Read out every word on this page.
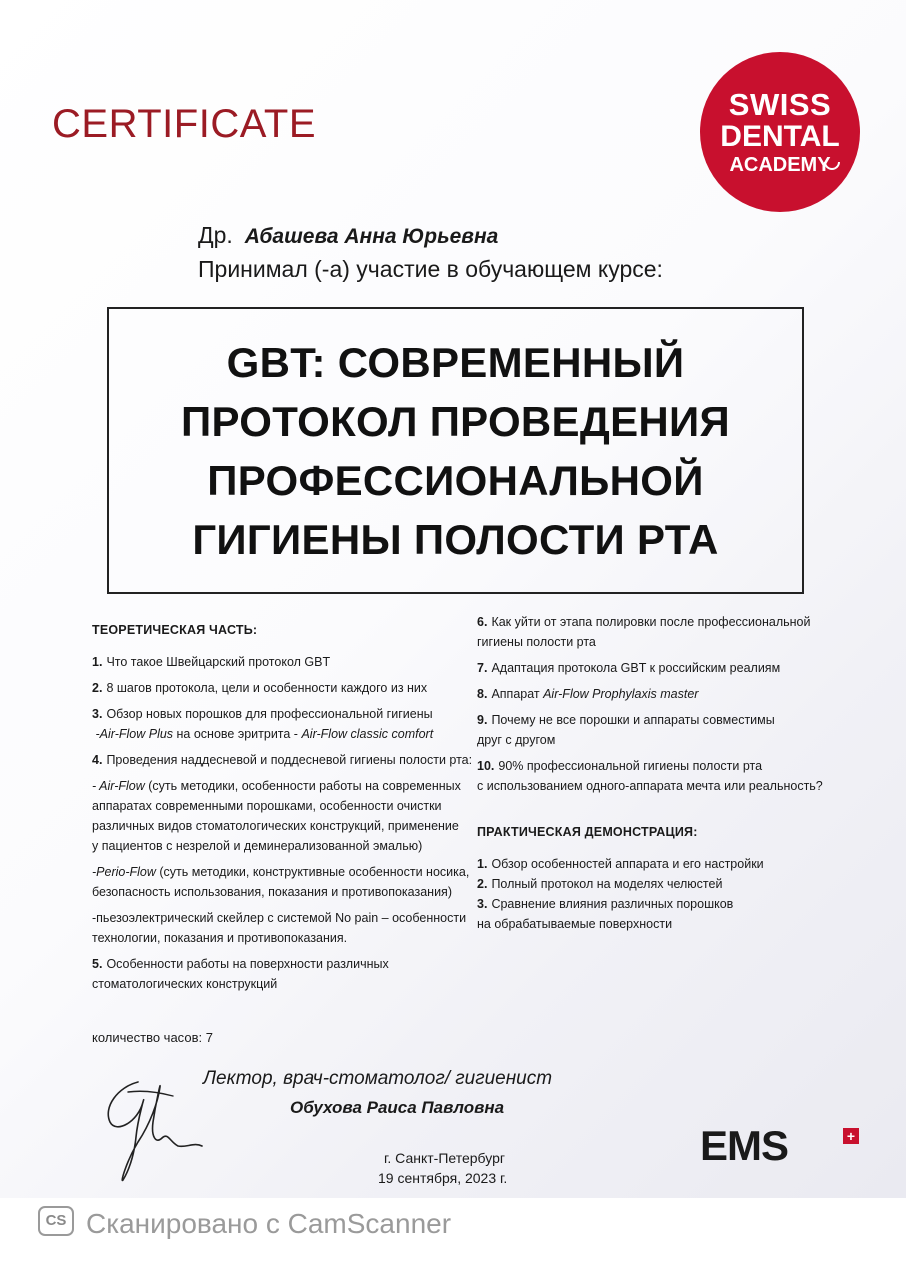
CERTIFICATE	SWISS
DENTAL
ACADEMY
Др. Абашева Анна Юрьевна
Принимал (-а) участие в обучающем курсе:
GBT: СОВРЕМЕННЫЙ
ПРОТОКОЛ ПРОВЕДЕНИЯ
ПРОФЕССИОНАЛЬНОЙ
ГИГИЕНЫ ПОЛОСТИ РТА
ТЕОРЕТИЧЕСКАЯ ЧАСТЬ:
1. Что такое Швейцарский протокол GBT
2. 8 шагов протокола, цели и особенности каждого из них
3. Обзор новых порошков для профессиональной гигиены
-Air-Flow Plus на основе эритрита - Air-Flow classic comfort
4. Проведения наддесневой и поддесневой гигиены полости рта:
- Air-Flow (суть методики, особенности работы на современных
аппаратах современными порошками, особенности очистки
различных видов стоматологических конструкций, применение
у пациентов с незрелой и деминерализованной эмалью)
-Perio-Flow (суть методики, конструктивные особенности носика,
безопасность использования, показания и противопоказания)
-пьезоэлектрический скейлер с системой No pain – особенности
технологии, показания и противопоказания.
5. Особенности работы на поверхности различных
стоматологических конструкций
6. Как уйти от этапа полировки после профессиональной
гигиены полости рта
7. Адаптация протокола GBT к российским реалиям
8. Аппарат Air-Flow Prophylaxis master
9. Почему не все порошки и аппараты совместимы
друг с другом
10. 90% профессиональной гигиены полости рта
с использованием одного-аппарата мечта или реальность?
ПРАКТИЧЕСКАЯ ДЕМОНСТРАЦИЯ:
1. Обзор особенностей аппарата и его настройки
2. Полный протокол на моделях челюстей
3. Сравнение влияния различных порошков
на обрабатываемые поверхности
количество часов: 7
Лектор, врач-стоматолог/ гигиенист
Обухова Раиса Павловна
EMS	+
г. Санкт-Петербург
19 сентября, 2023 г.
CS Сканировано с CamScanner
